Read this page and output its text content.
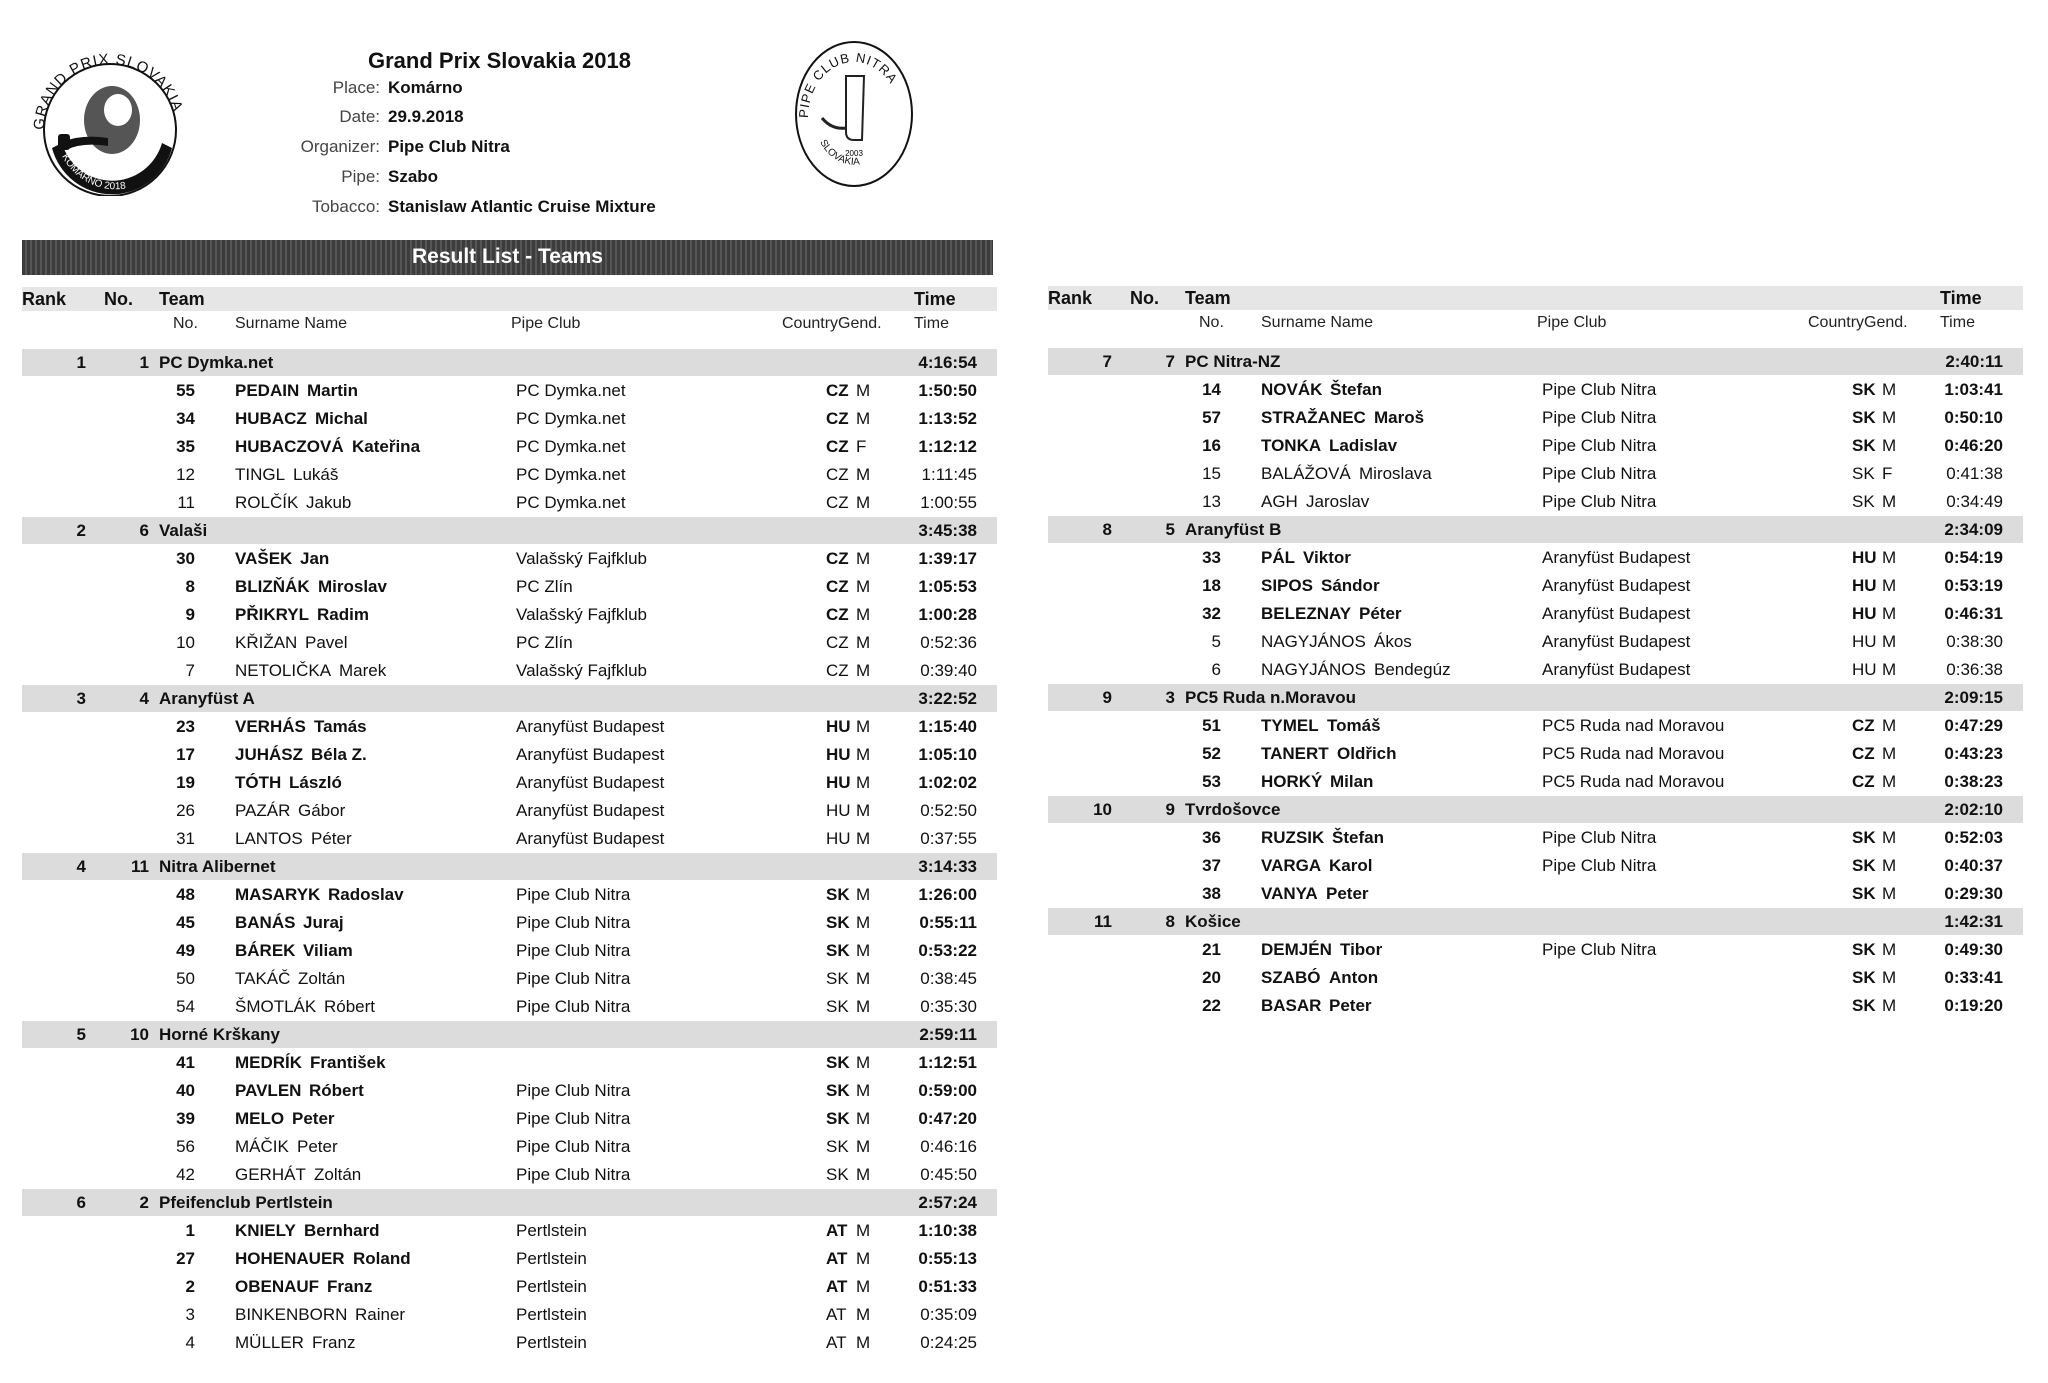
GRAND PRIX SLOVAKIA
KOMÁRNO 2018
Grand Prix Slovakia 2018
Place: Komárno
Date: 29.9.2018
Organizer: Pipe Club Nitra
Pipe: Szabo
Tobacco: Stanislaw Atlantic Cruise Mixture
PIPE CLUB NITRA
2003
SLOVAKIA
Result List - Teams
Rank No. Team	Time
No. Surname Name	Pipe Club	CountryGend. Time
1	1 PC Dymka.net	4:16:54
55 PEDAIN Martin	PC Dymka.net	CZ M	1:50:50
34 HUBACZ Michal	PC Dymka.net	CZ M	1:13:52
35 HUBACZOVÁ Kateřina	PC Dymka.net	CZ F	1:12:12
12 TINGL Lukáš	PC Dymka.net	CZ M	1:11:45
11 ROLČÍK Jakub	PC Dymka.net	CZ M	1:00:55
2	6 Valaši	3:45:38
30 VAŠEK Jan	Valašský Fajfklub	CZ M	1:39:17
8 BLIZŇÁK Miroslav	PC Zlín	CZ M	1:05:53
9 PŘIKRYL Radim	Valašský Fajfklub	CZ M	1:00:28
10 KŘIŽAN Pavel	PC Zlín	CZ M	0:52:36
7 NETOLIČKA Marek	Valašský Fajfklub	CZ M	0:39:40
3	4 Aranyfüst A	3:22:52
23 VERHÁS Tamás	Aranyfüst Budapest	HU M	1:15:40
17 JUHÁSZ Béla Z.	Aranyfüst Budapest	HU M	1:05:10
19 TÓTH László	Aranyfüst Budapest	HU M	1:02:02
26 PAZÁR Gábor	Aranyfüst Budapest	HU M	0:52:50
31 LANTOS Péter	Aranyfüst Budapest	HU M	0:37:55
4	11 Nitra Alibernet	3:14:33
48 MASARYK Radoslav	Pipe Club Nitra	SK M	1:26:00
45 BANÁS Juraj	Pipe Club Nitra	SK M	0:55:11
49 BÁREK Viliam	Pipe Club Nitra	SK M	0:53:22
50 TAKÁČ Zoltán	Pipe Club Nitra	SK M	0:38:45
54 ŠMOTLÁK Róbert	Pipe Club Nitra	SK M	0:35:30
5	10 Horné Krškany	2:59:11
41 MEDRÍK František	SK M	1:12:51
40 PAVLEN Róbert	Pipe Club Nitra	SK M	0:59:00
39 MELO Peter	Pipe Club Nitra	SK M	0:47:20
56 MÁČIK Peter	Pipe Club Nitra	SK M	0:46:16
42 GERHÁT Zoltán	Pipe Club Nitra	SK M	0:45:50
6	2 Pfeifenclub Pertlstein	2:57:24
1 KNIELY Bernhard	Pertlstein	AT M	1:10:38
27 HOHENAUER Roland	Pertlstein	AT M	0:55:13
2 OBENAUF Franz	Pertlstein	AT M	0:51:33
3 BINKENBORN Rainer	Pertlstein	AT M	0:35:09
4 MÜLLER Franz	Pertlstein	AT M	0:24:25
Rank No. Team	Time
No. Surname Name	Pipe Club	CountryGend. Time
7	7 PC Nitra-NZ	2:40:11
14 NOVÁK Štefan	Pipe Club Nitra	SK M	1:03:41
57 STRAŽANEC Maroš	Pipe Club Nitra	SK M	0:50:10
16 TONKA Ladislav	Pipe Club Nitra	SK M	0:46:20
15 BALÁŽOVÁ Miroslava	Pipe Club Nitra	SK F	0:41:38
13 AGH Jaroslav	Pipe Club Nitra	SK M	0:34:49
8	5 Aranyfüst B	2:34:09
33 PÁL Viktor	Aranyfüst Budapest	HU M	0:54:19
18 SIPOS Sándor	Aranyfüst Budapest	HU M	0:53:19
32 BELEZNAY Péter	Aranyfüst Budapest	HU M	0:46:31
5 NAGYJÁNOS Ákos	Aranyfüst Budapest	HU M	0:38:30
6 NAGYJÁNOS Bendegúz	Aranyfüst Budapest	HU M	0:36:38
9	3 PC5 Ruda n.Moravou	2:09:15
51 TYMEL Tomáš	PC5 Ruda nad Moravou	CZ M	0:47:29
52 TANERT Oldřich	PC5 Ruda nad Moravou	CZ M	0:43:23
53 HORKÝ Milan	PC5 Ruda nad Moravou	CZ M	0:38:23
10	9 Tvrdošovce	2:02:10
36 RUZSIK Štefan	Pipe Club Nitra	SK M	0:52:03
37 VARGA Karol	Pipe Club Nitra	SK M	0:40:37
38 VANYA Peter	SK M	0:29:30
11	8 Košice	1:42:31
21 DEMJÉN Tibor	Pipe Club Nitra	SK M	0:49:30
20 SZABÓ Anton	SK M	0:33:41
22 BASAR Peter	SK M	0:19:20
